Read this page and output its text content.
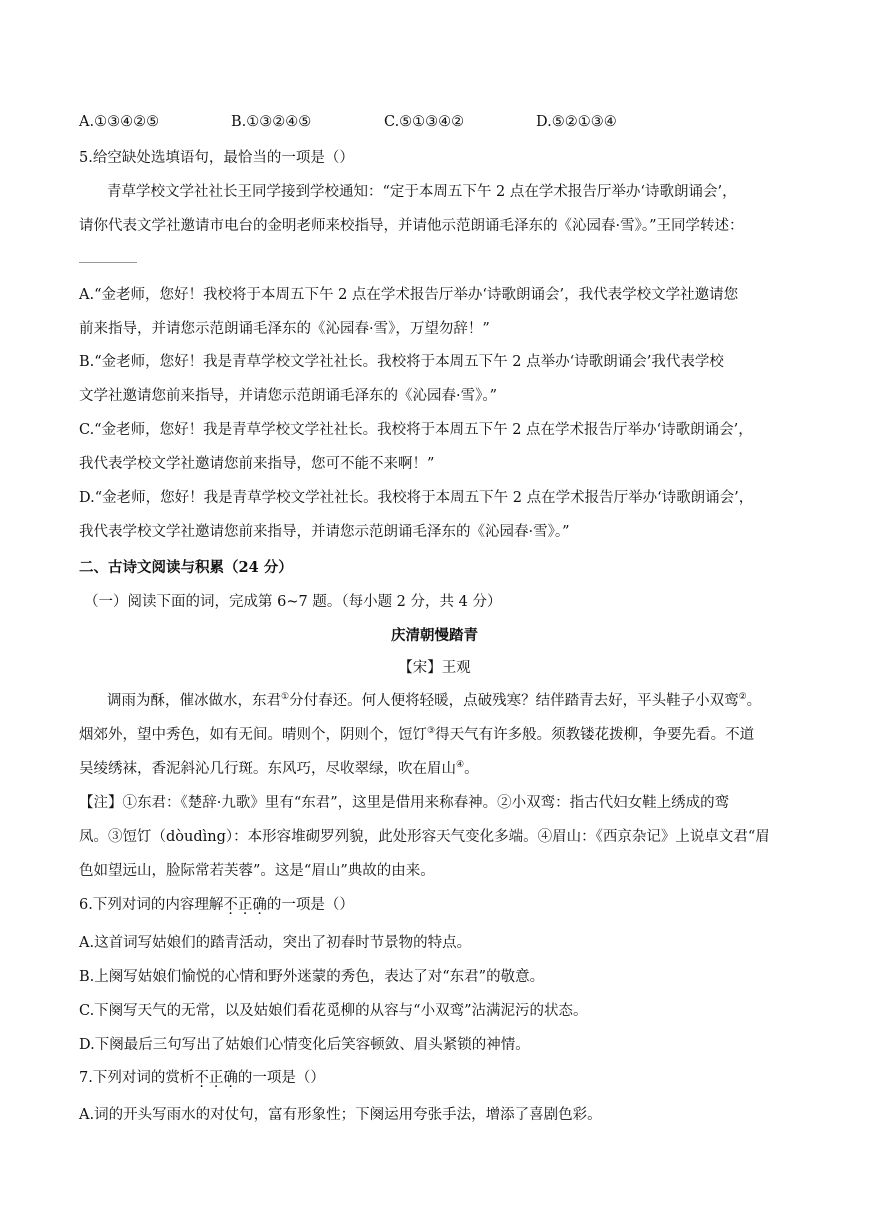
A.①③④②⑤	B.①③②④⑤	C.⑤①③④②	D.⑤②①③④
5.给空缺处选填语句，最恰当的一项是（）
青草学校文学社社长王同学接到学校通知：“定于本周五下午 2 点在学术报告厅举办‘诗歌朗诵会’，
请你代表文学社邀请市电台的金明老师来校指导，并请他示范朗诵毛泽东的《沁园春·雪》。”王同学转述：
A.“金老师，您好！我校将于本周五下午 2 点在学术报告厅举办‘诗歌朗诵会’，我代表学校文学社邀请您
前来指导，并请您示范朗诵毛泽东的《沁园春·雪》，万望勿辞！”
B.“金老师，您好！我是青草学校文学社社长。我校将于本周五下午 2 点举办‘诗歌朗诵会’我代表学校
文学社邀请您前来指导，并请您示范朗诵毛泽东的《沁园春·雪》。”
C.“金老师，您好！我是青草学校文学社社长。我校将于本周五下午 2 点在学术报告厅举办‘诗歌朗诵会’，
我代表学校文学社邀请您前来指导，您可不能不来啊！”
D.“金老师，您好！我是青草学校文学社社长。我校将于本周五下午 2 点在学术报告厅举办‘诗歌朗诵会’，
我代表学校文学社邀请您前来指导，并请您示范朗诵毛泽东的《沁园春·雪》。”
二、古诗文阅读与积累（24 分）
（一）阅读下面的词，完成第 6~7 题。（每小题 2 分，共 4 分）
庆清朝慢踏青
【宋】王观
调雨为酥，催冰做水，东君①分付春还。何人便将轻暖，点破残寒？结伴踏青去好，平头鞋子小双鸾②。
烟郊外，望中秀色，如有无间。晴则个，阴则个，饾饤③得天气有许多般。须教镂花拨柳，争要先看。不道
吴绫绣袜，香泥斜沁几行斑。东风巧，尽收翠绿，吹在眉山④。
【注】①东君：《楚辞·九歌》里有“东君”，这里是借用来称春神。②小双鸾：指古代妇女鞋上绣成的鸾
凤。③饾饤（dòudìng）：本形容堆砌罗列貌，此处形容天气变化多端。④眉山：《西京杂记》上说卓文君“眉
色如望远山，脸际常若芙蓉”。这是“眉山”典故的由来。
6.下列对词的内容理解不正确的一项是（）
A.这首词写姑娘们的踏青活动，突出了初春时节景物的特点。
B.上阕写姑娘们愉悦的心情和野外迷蒙的秀色，表达了对“东君”的敬意。
C.下阕写天气的无常，以及姑娘们看花觅柳的从容与“小双鸾”沾满泥污的状态。
D.下阕最后三句写出了姑娘们心情变化后笑容顿敛、眉头紧锁的神情。
7.下列对词的赏析不正确的一项是（）
A.词的开头写雨水的对仗句，富有形象性；下阕运用夸张手法，增添了喜剧色彩。
